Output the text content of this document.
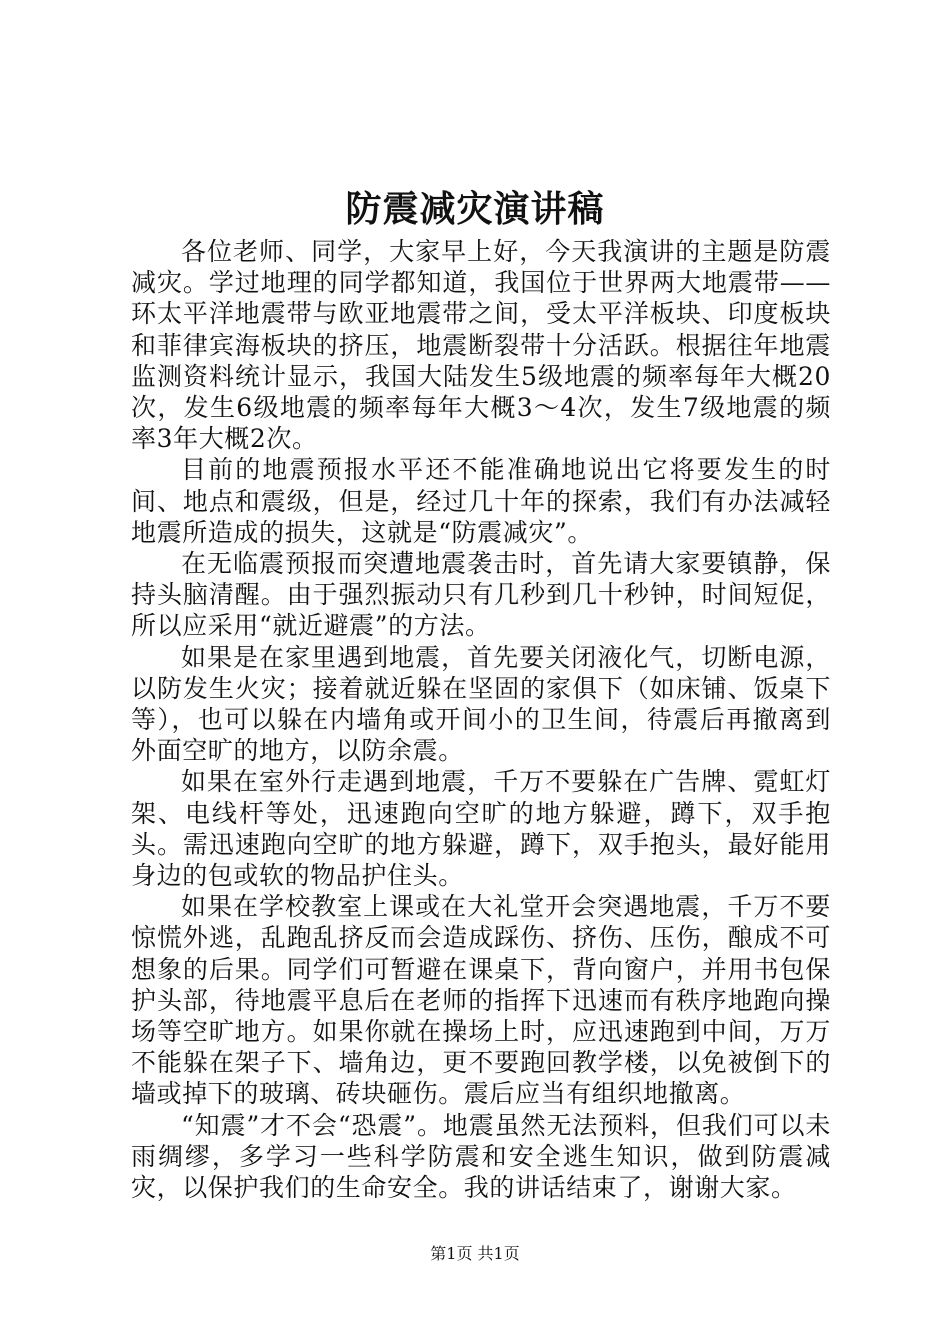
防震减灾演讲稿

各位老师、同学，大家早上好，今天我演讲的主题是防震减灾。学过地理的同学都知道，我国位于世界两大地震带——环太平洋地震带与欧亚地震带之间，受太平洋板块、印度板块和菲律宾海板块的挤压，地震断裂带十分活跃。根据往年地震监测资料统计显示，我国大陆发生5级地震的频率每年大概20次，发生6级地震的频率每年大概3～4次，发生7级地震的频率3年大概2次。

目前的地震预报水平还不能准确地说出它将要发生的时间、地点和震级，但是，经过几十年的探索，我们有办法减轻地震所造成的损失，这就是“防震减灾”。

在无临震预报而突遭地震袭击时，首先请大家要镇静，保持头脑清醒。由于强烈振动只有几秒到几十秒钟，时间短促，所以应采用“就近避震”的方法。

如果是在家里遇到地震，首先要关闭液化气，切断电源，以防发生火灾；接着就近躲在坚固的家俱下（如床铺、饭桌下等），也可以躲在内墙角或开间小的卫生间，待震后再撤离到外面空旷的地方，以防余震。

如果在室外行走遇到地震，千万不要躲在广告牌、霓虹灯架、电线杆等处，迅速跑向空旷的地方躲避，蹲下，双手抱头。需迅速跑向空旷的地方躲避，蹲下，双手抱头，最好能用身边的包或软的物品护住头。

如果在学校教室上课或在大礼堂开会突遇地震，千万不要惊慌外逃，乱跑乱挤反而会造成踩伤、挤伤、压伤，酿成不可想象的后果。同学们可暂避在课桌下，背向窗户，并用书包保护头部，待地震平息后在老师的指挥下迅速而有秩序地跑向操场等空旷地方。如果你就在操场上时，应迅速跑到中间，万万不能躲在架子下、墙角边，更不要跑回教学楼，以免被倒下的墙或掉下的玻璃、砖块砸伤。震后应当有组织地撤离。

“知震”才不会“恐震”。地震虽然无法预料，但我们可以未雨绸缪，多学习一些科学防震和安全逃生知识，做到防震减灾，以保护我们的生命安全。我的讲话结束了，谢谢大家。

第1页 共1页
